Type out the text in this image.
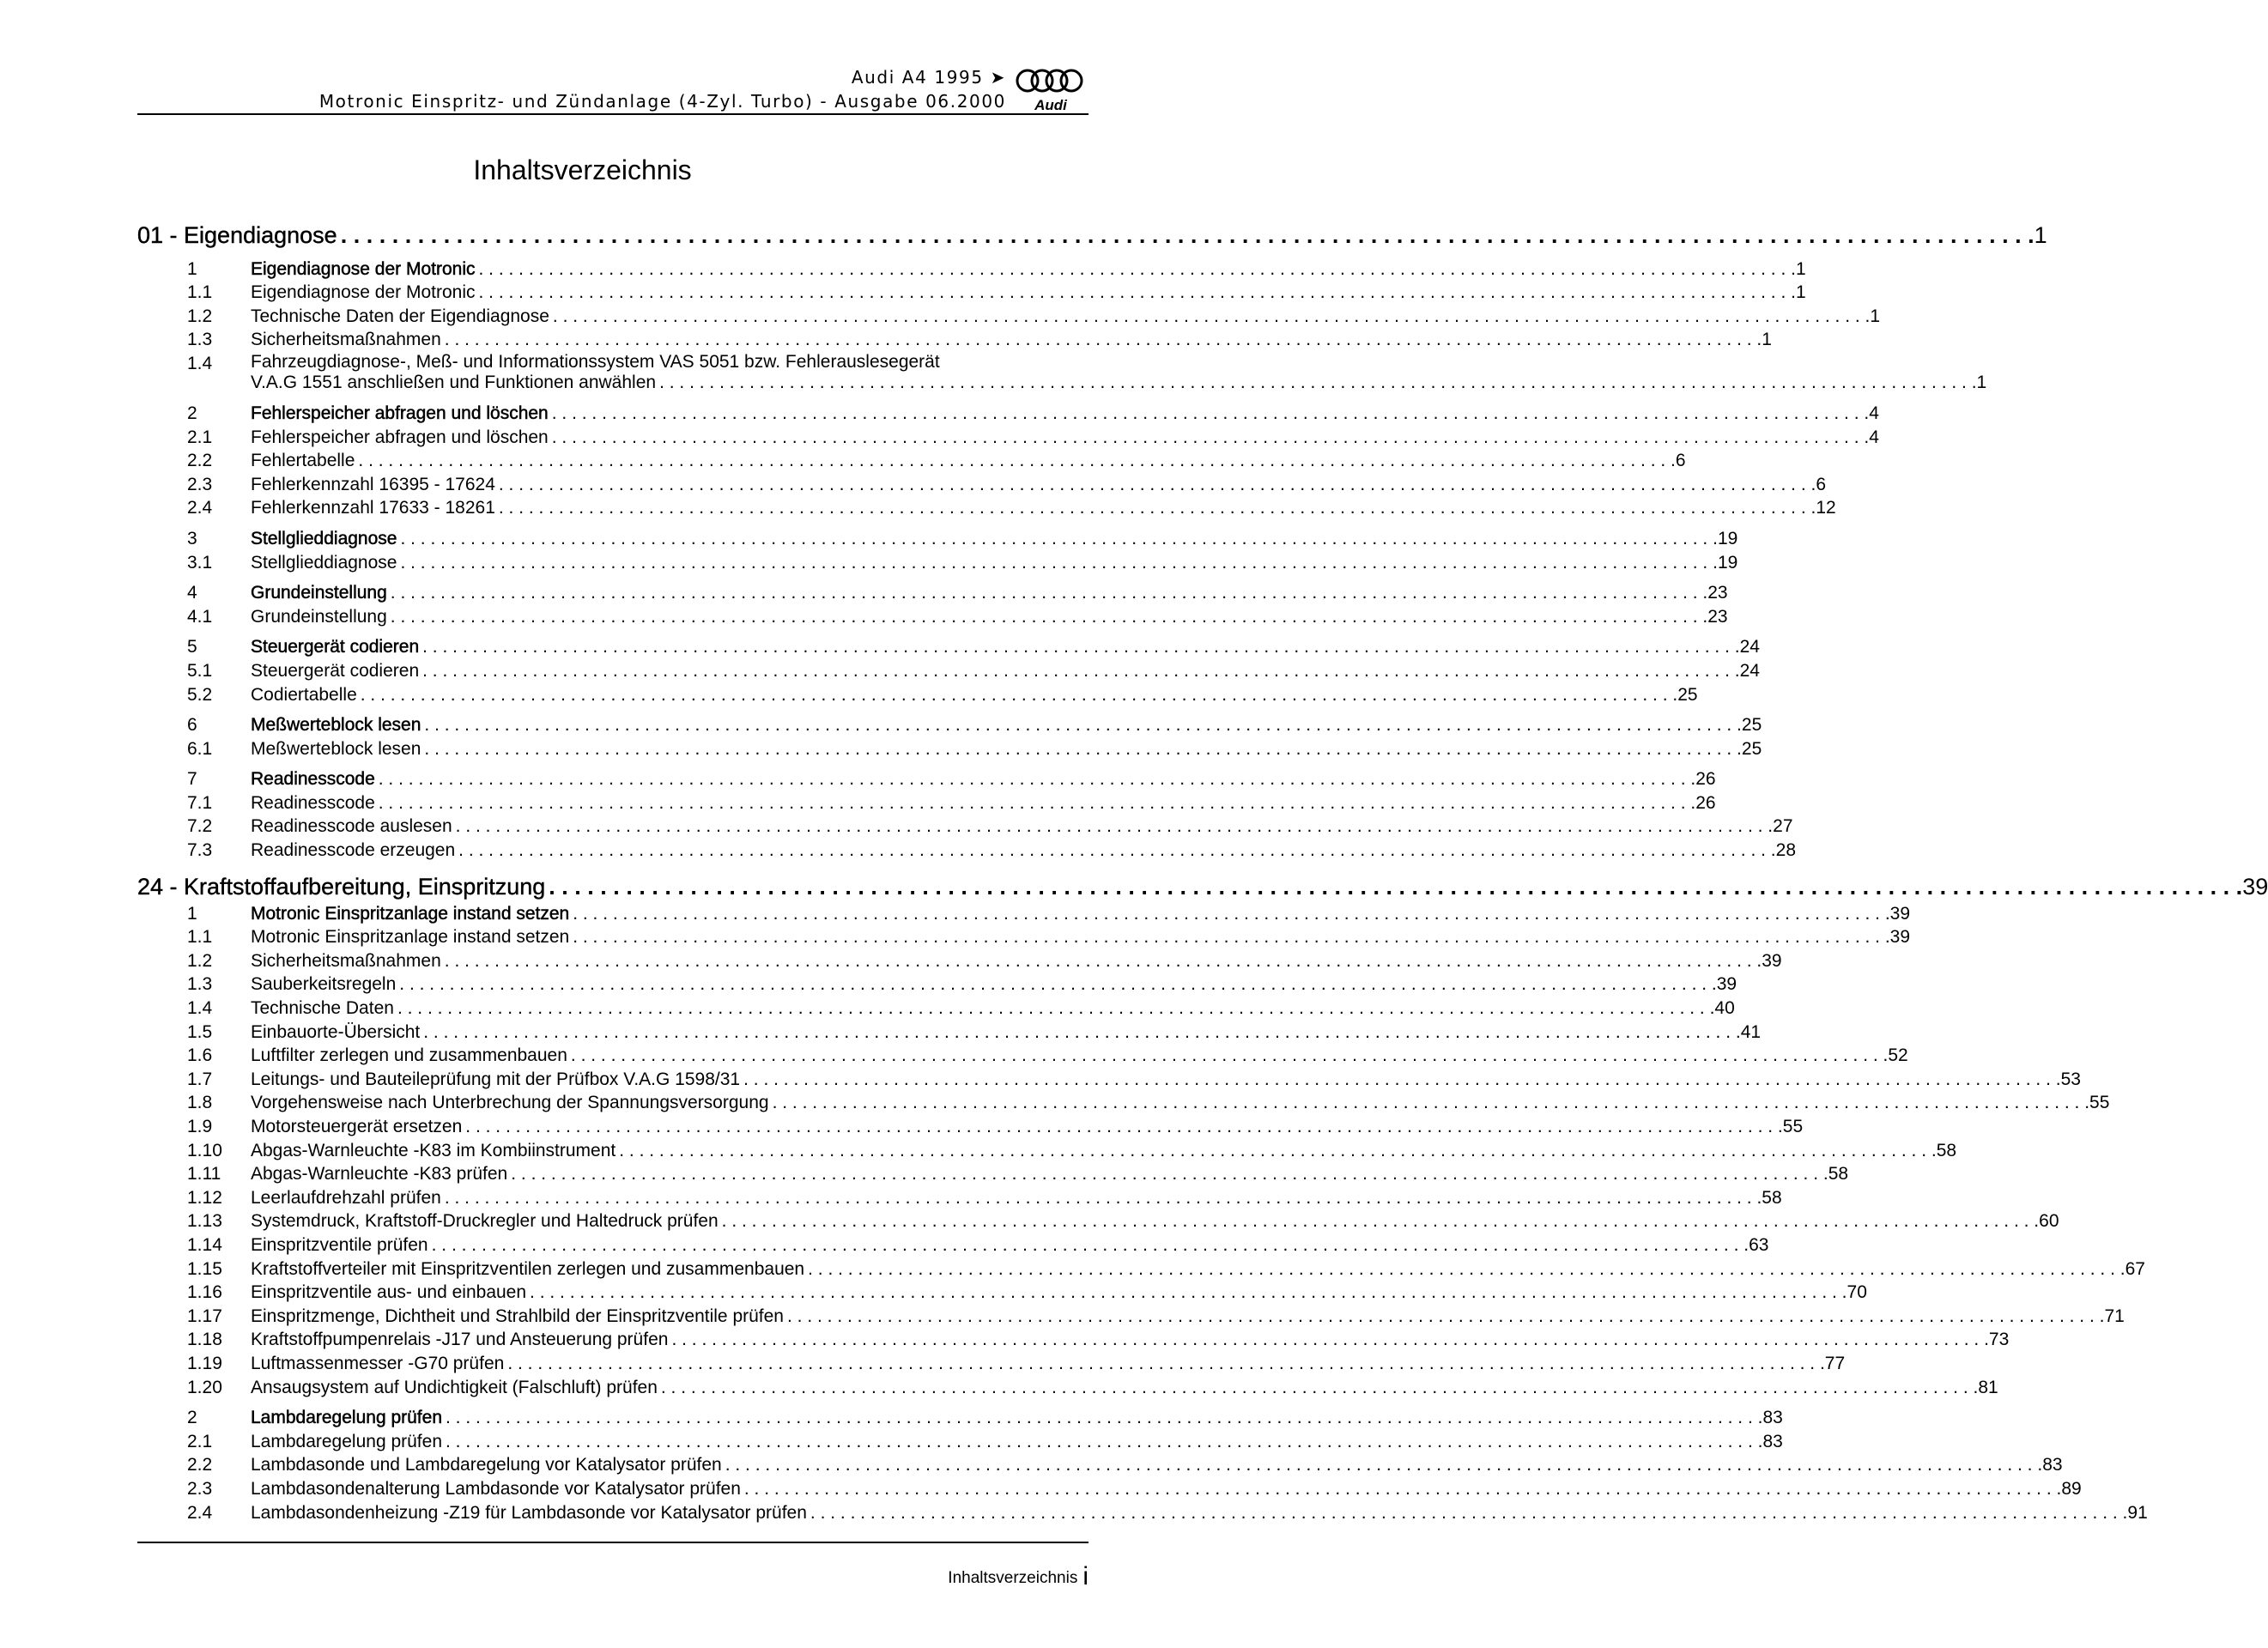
Audi A4 1995 ➤
Motronic Einspritz- und Zündanlage (4-Zyl. Turbo) - Ausgabe 06.2000 Audi
Inhaltsverzeichnis
01 - Eigendiagnose . . .	1
1	Eigendiagnose der Motronic . . .	1
1.1	Eigendiagnose der Motronic . . .	1
1.2	Technische Daten der Eigendiagnose . . .	1
1.3	Sicherheitsmaßnahmen . . .	1
1.4	Fahrzeugdiagnose-, Meß- und Informationssystem VAS 5051 bzw. Fehlerauslesegerät
V.A.G 1551 anschließen und Funktionen anwählen . . .	1
2	Fehlerspeicher abfragen und löschen . . .	4
2.1	Fehlerspeicher abfragen und löschen . . .	4
2.2	Fehlertabelle . . .	6
2.3	Fehlerkennzahl 16395 - 17624 . . .	6
2.4	Fehlerkennzahl 17633 - 18261 . . .	12
3	Stellglieddiagnose . . .	19
3.1	Stellglieddiagnose . . .	19
4	Grundeinstellung . . .	23
4.1	Grundeinstellung . . .	23
5	Steuergerät codieren . . .	24
5.1	Steuergerät codieren . . .	24
5.2	Codiertabelle . . .	25
6	Meßwerteblock lesen . . .	25
6.1	Meßwerteblock lesen . . .	25
7	Readinesscode . . .	26
7.1	Readinesscode . . .	26
7.2	Readinesscode auslesen . . .	27
7.3	Readinesscode erzeugen . . .	28
24 - Kraftstoffaufbereitung, Einspritzung . . .	39
1	Motronic Einspritzanlage instand setzen . . .	39
1.1	Motronic Einspritzanlage instand setzen . . .	39
1.2	Sicherheitsmaßnahmen . . .	39
1.3	Sauberkeitsregeln . . .	39
1.4	Technische Daten . . .	40
1.5	Einbauorte-Übersicht . . .	41
1.6	Luftfilter zerlegen und zusammenbauen . . .	52
1.7	Leitungs- und Bauteileprüfung mit der Prüfbox V.A.G 1598/31 . . .	53
1.8	Vorgehensweise nach Unterbrechung der Spannungsversorgung . . .	55
1.9	Motorsteuergerät ersetzen . . .	55
1.10	Abgas-Warnleuchte -K83 im Kombiinstrument . . .	58
1.11	Abgas-Warnleuchte -K83 prüfen . . .	58
1.12	Leerlaufdrehzahl prüfen . . .	58
1.13	Systemdruck, Kraftstoff-Druckregler und Haltedruck prüfen . . .	60
1.14	Einspritzventile prüfen . . .	63
1.15	Kraftstoffverteiler mit Einspritzventilen zerlegen und zusammenbauen . . .	67
1.16	Einspritzventile aus- und einbauen . . .	70
1.17	Einspritzmenge, Dichtheit und Strahlbild der Einspritzventile prüfen . . .	71
1.18	Kraftstoffpumpenrelais -J17 und Ansteuerung prüfen . . .	73
1.19	Luftmassenmesser -G70 prüfen . . .	77
1.20	Ansaugsystem auf Undichtigkeit (Falschluft) prüfen . . .	81
2	Lambdaregelung prüfen . . .	83
2.1	Lambdaregelung prüfen . . .	83
2.2	Lambdasonde und Lambdaregelung vor Katalysator prüfen . . .	83
2.3	Lambdasondenalterung Lambdasonde vor Katalysator prüfen . . .	89
2.4	Lambdasondenheizung -Z19 für Lambdasonde vor Katalysator prüfen . . .	91
Inhaltsverzeichnis i
